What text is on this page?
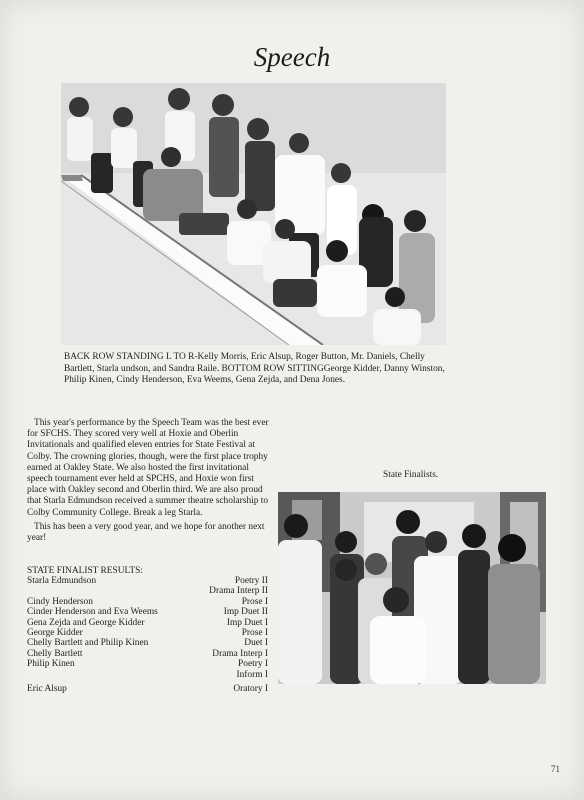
Speech
BACK ROW STANDING L TO R-Kelly Morris, Eric Alsup, Roger Button, Mr. Daniels, Chelly Bartlett, Starla undson, and Sandra Raile. BOTTOM ROW SITTINGGeorge Kidder, Danny Winston, Philip Kinen, Cindy Henderson, Eva Weems, Gena Zejda, and Dena Jones.
This year's performance by the Speech Team was the best ever for SFCHS. They scored very well at Hoxie and Oberlin Invitationals and qualified eleven entries for State Festival at Colby. The crowning glories, though, were the first place trophy earned at Oakley State. We also hosted the first invitational speech tournament ever held at SPCHS, and Hoxie won first place with Oakley second and Oberlin third. We are also proud that Starla Edmundson received a summer theatre scholarship to Colby Community College. Break a leg Starla.
This has been a very good year, and we hope for another next year!
State Finalists.
STATE FINALIST RESULTS:
Starla Edmundson	Poetry II
Drama Interp II
Cindy Henderson	Prose I
Cinder Henderson and Eva Weems	Imp Duet II
Gena Zejda and George Kidder	Imp Duet I
George Kidder	Prose I
Chelly Bartlett and Philip Kinen	Duet I
Chelly Bartlett	Drama Interp I
Philip Kinen	Poetry I
Inform I
Eric Alsup	Oratory I
71
